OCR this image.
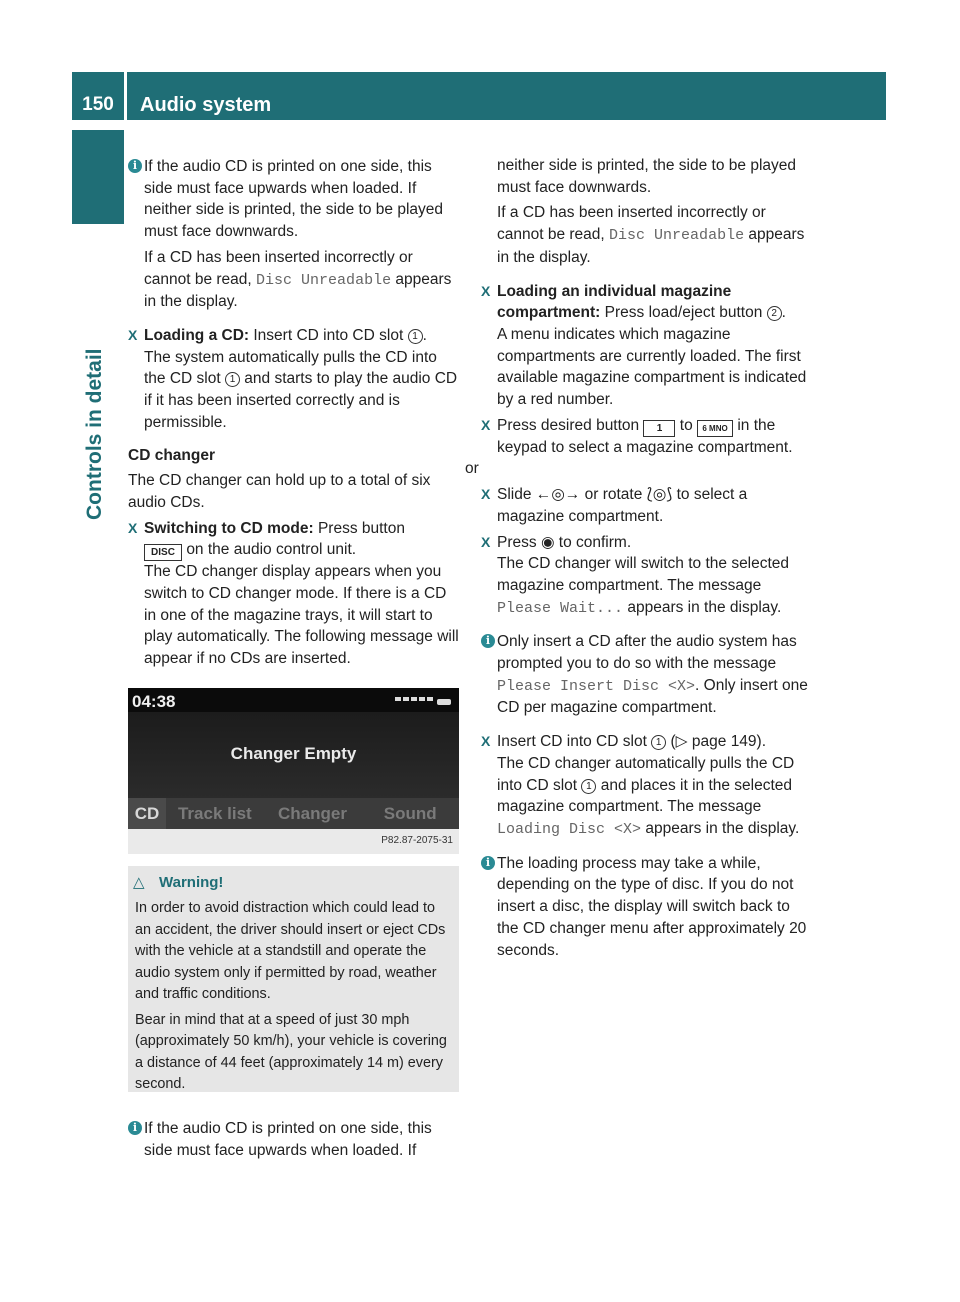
150	Audio system
Controls in detail
i If the audio CD is printed on one side, this side must face upwards when loaded. If neither side is printed, the side to be played must face downwards.

If a CD has been inserted incorrectly or cannot be read, Disc Unreadable appears in the display.

X Loading a CD: Insert CD into CD slot 1 .

The system automatically pulls the CD into the CD slot 1 and starts to play the audio CD if it has been inserted correctly and is permissible.

CD changer

The CD changer can hold up to a total of six audio CDs.

X Switching to CD mode: Press button
DISC on the audio control unit.

The CD changer display appears when you switch to CD changer mode. If there is a CD in one of the magazine trays, it will start to play automatically. The following message will appear if no CDs are inserted.

04:38
Changer Empty
CD	Track list	Changer	Sound
P82.87-2075-31
△ Warning!

In order to avoid distraction which could lead to an accident, the driver should insert or eject CDs with the vehicle at a standstill and operate the audio system only if permitted by road, weather and traffic conditions.

Bear in mind that at a speed of just 30 mph (approximately 50 km/h), your vehicle is covering a distance of 44 feet (approximately 14 m) every second.

i If the audio CD is printed on one side, this side must face upwards when loaded. If

neither side is printed, the side to be played must face downwards.

If a CD has been inserted incorrectly or cannot be read, Disc Unreadable appears in the display.

X Loading an individual magazine compartment: Press load/eject button 2 .

A menu indicates which magazine compartments are currently loaded. The first available magazine compartment is indicated by a red number.

X Press desired button 1 to 6 MNO in the keypad to select a magazine compartment.

or

X Slide ←◎→ or rotate ⟅◎⟆ to select a magazine compartment.

X Press ◉ to confirm.

The CD changer will switch to the selected magazine compartment. The message Please Wait... appears in the display.

i Only insert a CD after the audio system has prompted you to do so with the message Please Insert Disc <X>. Only insert one CD per magazine compartment.

X Insert CD into CD slot 1 (▷ page 149).

The CD changer automatically pulls the CD into CD slot 1 and places it in the selected magazine compartment. The message Loading Disc <X> appears in the display.

i The loading process may take a while, depending on the type of disc. If you do not insert a disc, the display will switch back to the CD changer menu after approximately 20 seconds.
